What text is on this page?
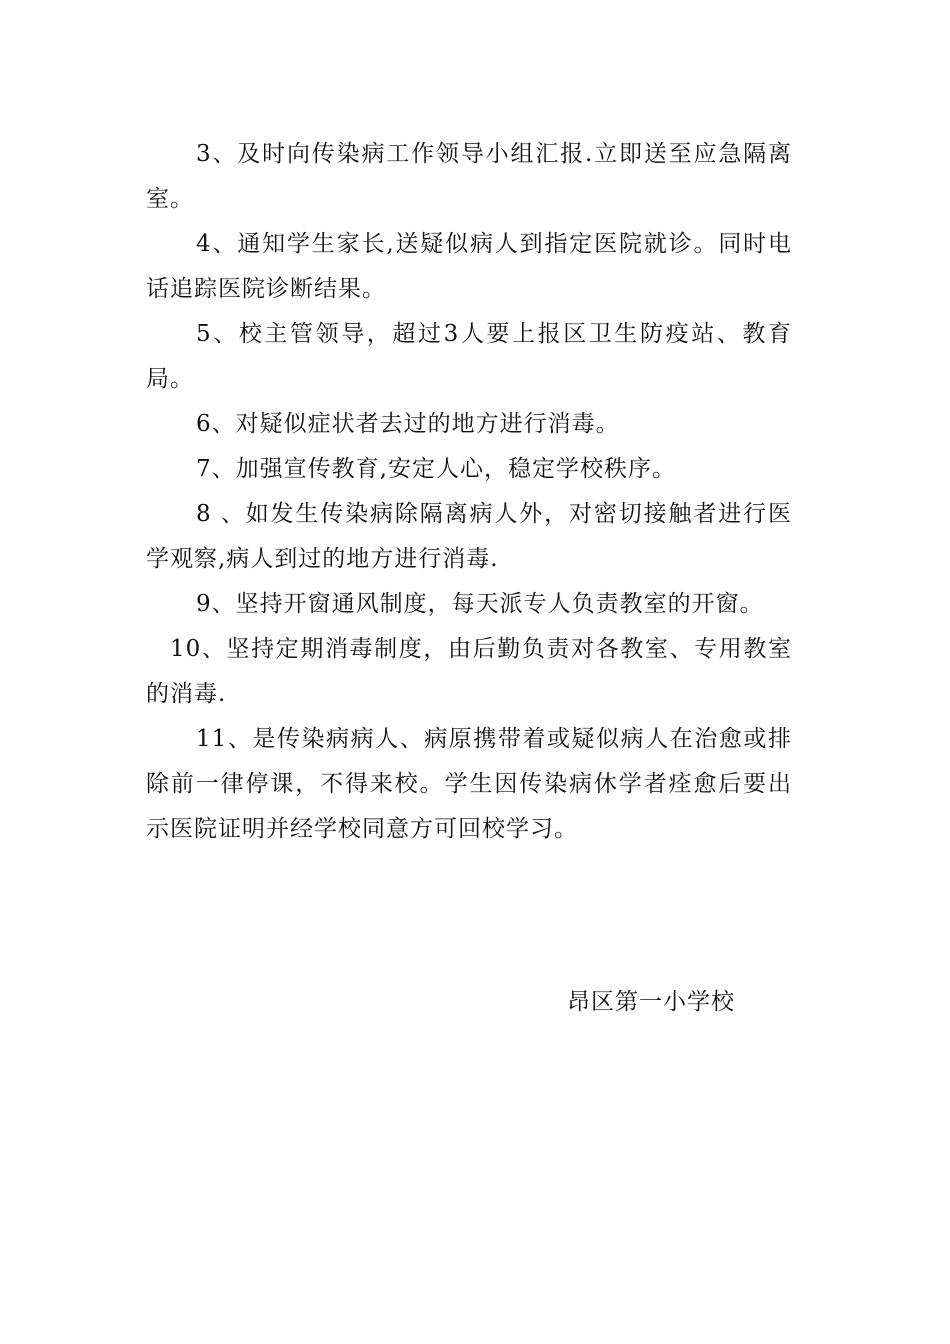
3、及时向传染病工作领导小组汇报.立即送至应急隔离室。

4、通知学生家长,送疑似病人到指定医院就诊。同时电话追踪医院诊断结果。

5、校主管领导，超过3人要上报区卫生防疫站、教育局。

6、对疑似症状者去过的地方进行消毒。

7、加强宣传教育,安定人心，稳定学校秩序。

8 、如发生传染病除隔离病人外，对密切接触者进行医学观察,病人到过的地方进行消毒.

9、坚持开窗通风制度，每天派专人负责教室的开窗。

10、坚持定期消毒制度，由后勤负责对各教室、专用教室的消毒.

11、是传染病病人、病原携带着或疑似病人在治愈或排除前一律停课，不得来校。学生因传染病休学者痊愈后要出示医院证明并经学校同意方可回校学习。

昂区第一小学校
